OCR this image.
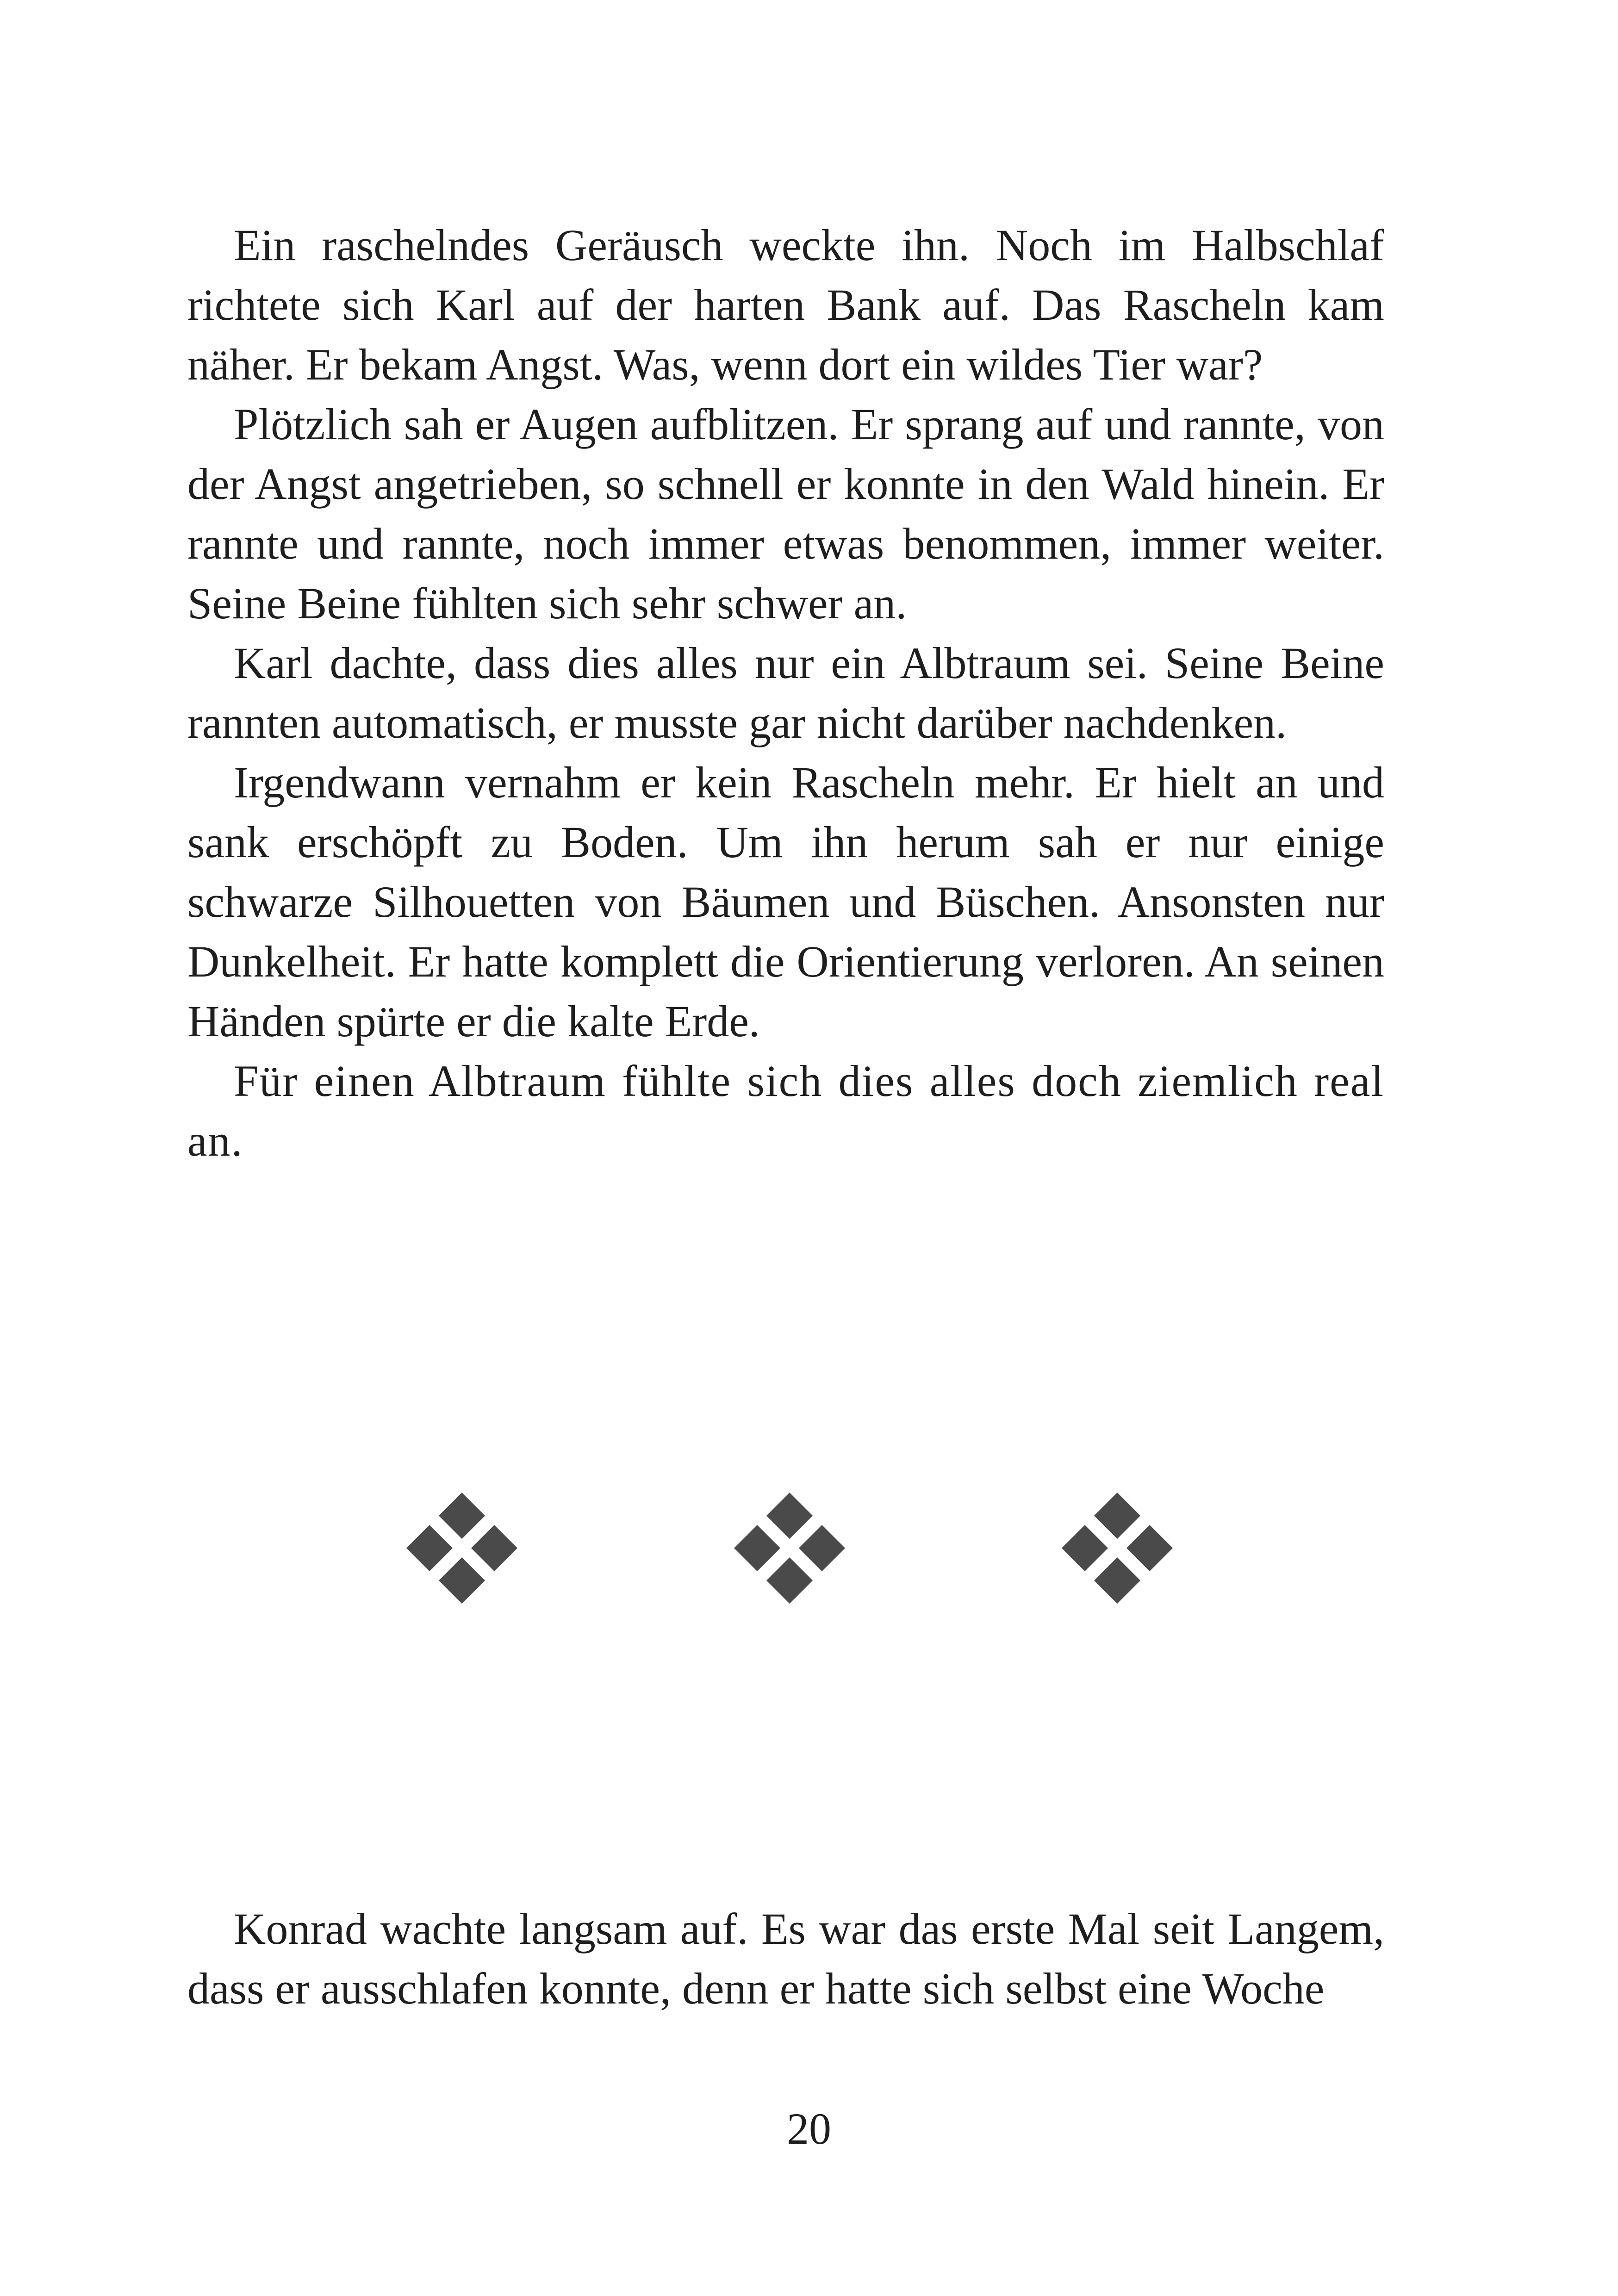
Ein raschelndes Geräusch weckte ihn. Noch im Halbschlaf richtete sich Karl auf der harten Bank auf. Das Rascheln kam näher. Er bekam Angst. Was, wenn dort ein wildes Tier war?

Plötzlich sah er Augen aufblitzen. Er sprang auf und rannte, von der Angst angetrieben, so schnell er konnte in den Wald hinein. Er rannte und rannte, noch immer etwas benommen, immer weiter. Seine Beine fühlten sich sehr schwer an.

Karl dachte, dass dies alles nur ein Albtraum sei. Seine Beine rannten automatisch, er musste gar nicht darüber nachdenken.

Irgendwann vernahm er kein Rascheln mehr. Er hielt an und sank erschöpft zu Boden. Um ihn herum sah er nur einige schwarze Silhouetten von Bäumen und Büschen. Ansonsten nur Dunkelheit. Er hatte komplett die Orientierung verloren. An seinen Händen spürte er die kalte Erde.

Für einen Albtraum fühlte sich dies alles doch ziemlich real an.

Konrad wachte langsam auf. Es war das erste Mal seit Langem, dass er ausschlafen konnte, denn er hatte sich selbst eine Woche

20
